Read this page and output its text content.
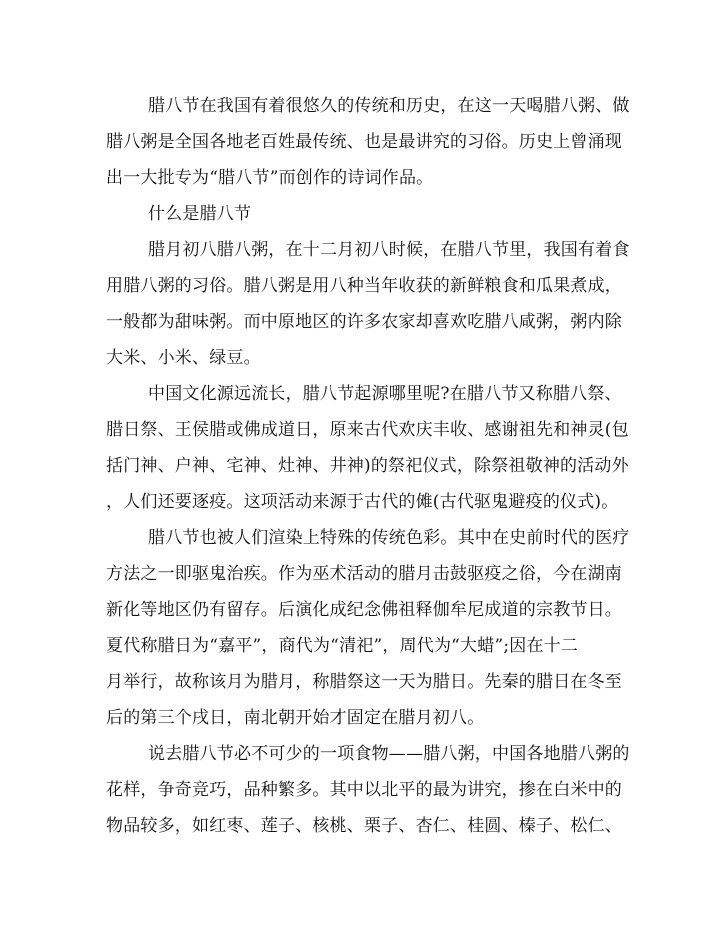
腊八节在我国有着很悠久的传统和历史，在这一天喝腊八粥、做
腊八粥是全国各地老百姓最传统、也是最讲究的习俗。历史上曾涌现
出一大批专为“腊八节”而创作的诗词作品。
什么是腊八节
腊月初八腊八粥，在十二月初八时候，在腊八节里，我国有着食
用腊八粥的习俗。腊八粥是用八种当年收获的新鲜粮食和瓜果煮成，
一般都为甜味粥。而中原地区的许多农家却喜欢吃腊八咸粥，粥内除
大米、小米、绿豆。
中国文化源远流长，腊八节起源哪里呢?在腊八节又称腊八祭、
腊日祭、王侯腊或佛成道日，原来古代欢庆丰收、感谢祖先和神灵(包
括门神、户神、宅神、灶神、井神)的祭祀仪式，除祭祖敬神的活动外
，人们还要逐疫。这项活动来源于古代的傩(古代驱鬼避疫的仪式)。
腊八节也被人们渲染上特殊的传统色彩。其中在史前时代的医疗
方法之一即驱鬼治疾。作为巫术活动的腊月击鼓驱疫之俗，今在湖南
新化等地区仍有留存。后演化成纪念佛祖释伽牟尼成道的宗教节日。
夏代称腊日为“嘉平”，商代为“清祀”，周代为“大蜡”;因在十二
月举行，故称该月为腊月，称腊祭这一天为腊日。先秦的腊日在冬至
后的第三个戌日，南北朝开始才固定在腊月初八。
说去腊八节必不可少的一项食物——腊八粥，中国各地腊八粥的
花样，争奇竞巧，品种繁多。其中以北平的最为讲究，掺在白米中的
物品较多，如红枣、莲子、核桃、栗子、杏仁、桂圆、榛子、松仁、
